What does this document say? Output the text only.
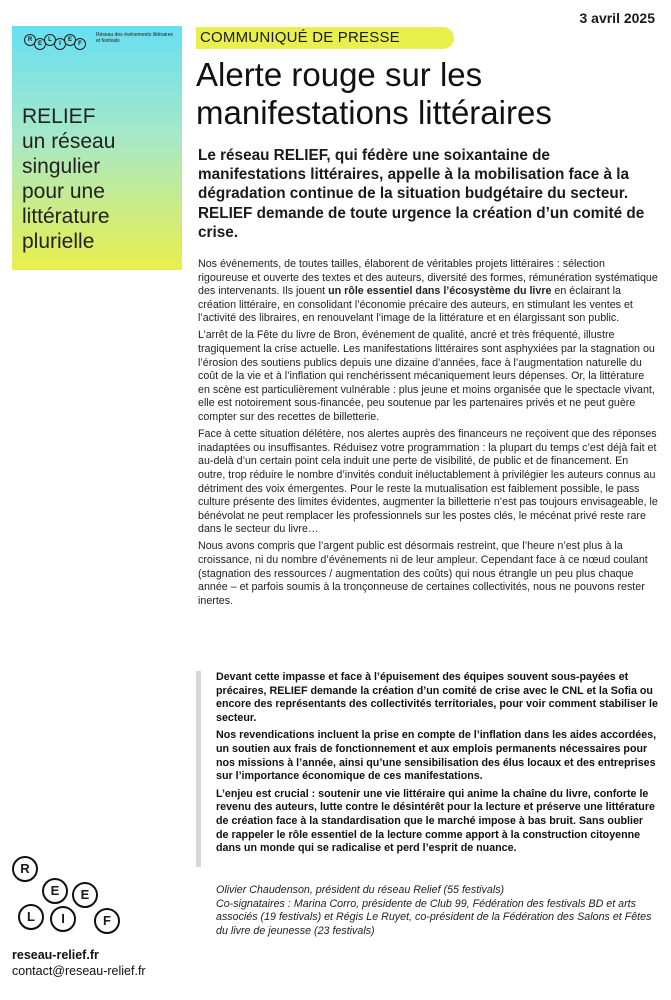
3 avril 2025
R
E
L
I
E
F
Réseau des événements littéraires et festivals
RELIEF
un réseau
singulier
pour une
littérature
plurielle
COMMUNIQUÉ DE PRESSE
Alerte rouge sur les
manifestations littéraires

Le réseau RELIEF, qui fédère une soixantaine de manifestations littéraires, appelle à la mobilisation face à la dégradation continue de la situation budgétaire du secteur. RELIEF demande de toute urgence la création d’un comité de crise.

Nos événements, de toutes tailles, élaborent de véritables projets littéraires : sélection rigoureuse et ouverte des textes et des auteurs, diversité des formes, rémunération systématique des intervenants. Ils jouent un rôle essentiel dans l’écosystème du livre en éclairant la création littéraire, en consolidant l’économie précaire des auteurs, en stimulant les ventes et l’activité des libraires, en renouvelant l’image de la littérature et en élargissant son public.

L’arrêt de la Fête du livre de Bron, événement de qualité, ancré et très fréquenté, illustre tragiquement la crise actuelle. Les manifestations littéraires sont asphyxiées par la stagnation ou l’érosion des soutiens publics depuis une dizaine d’années, face à l’augmentation naturelle du coût de la vie et à l’inflation qui renchérissent mécaniquement leurs dépenses. Or, la littérature en scène est particulièrement vulnérable : plus jeune et moins organisée que le spectacle vivant, elle est notoirement sous-financée, peu soutenue par les partenaires privés et ne peut guère compter sur des recettes de billetterie.

Face à cette situation délétère, nos alertes auprès des financeurs ne reçoivent que des réponses inadaptées ou insuffisantes. Réduisez votre programmation : la plupart du temps c’est déjà fait et au-delà d’un certain point cela induit une perte de visibilité, de public et de financement. En outre, trop réduire le nombre d’invités conduit inéluctablement à privilégier les auteurs connus au détriment des voix émergentes. Pour le reste la mutualisation est faiblement possible, le pass culture présente des limites évidentes, augmenter la billetterie n’est pas toujours envisageable, le bénévolat ne peut remplacer les professionnels sur les postes clés, le mécénat privé reste rare dans le secteur du livre…

Nous avons compris que l’argent public est désormais restreint, que l’heure n’est plus à la croissance, ni du nombre d’événements ni de leur ampleur. Cependant face à ce nœud coulant (stagnation des ressources / augmentation des coûts) qui nous étrangle un peu plus chaque année – et parfois soumis à la tronçonneuse de certaines collectivités, nous ne pouvons rester inertes.

Devant cette impasse et face à l’épuisement des équipes souvent sous-payées et précaires, RELIEF demande la création d’un comité de crise avec le CNL et la Sofia ou encore des représentants des collectivités territoriales, pour voir comment stabiliser le secteur.

Nos revendications incluent la prise en compte de l’inflation dans les aides accordées, un soutien aux frais de fonctionnement et aux emplois permanents nécessaires pour nos missions à l’année, ainsi qu’une sensibilisation des élus locaux et des entreprises sur l’importance économique de ces manifestations.

L’enjeu est crucial : soutenir une vie littéraire qui anime la chaîne du livre, conforte le revenu des auteurs, lutte contre le désintérêt pour la lecture et préserve une littérature de création face à la standardisation que le marché impose à bas bruit. Sans oublier de rappeler le rôle essentiel de la lecture comme apport à la construction citoyenne dans un monde qui se radicalise et perd l’esprit de nuance.

Olivier Chaudenson, président du réseau Relief (55 festivals)
Co-signataires : Marina Corro, présidente de Club 99, Fédération des festivals BD et arts associés (19 festivals) et Régis Le Ruyet, co-président de la Fédération des Salons et Fêtes du livre de jeunesse (23 festivals)
R
E
L	I
E
F
reseau-relief.fr
contact@reseau-relief.fr
